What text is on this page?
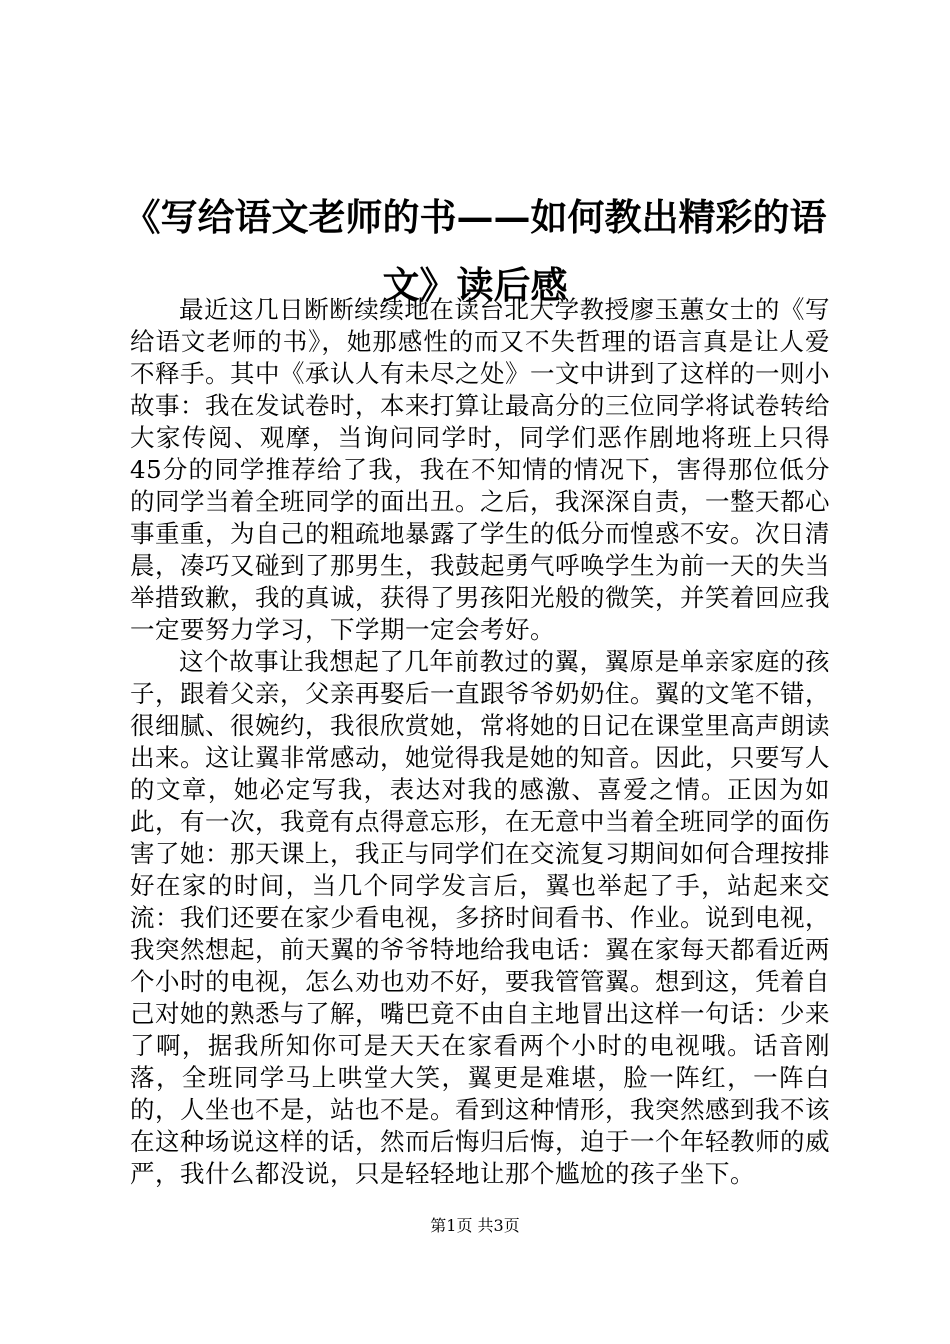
《写给语文老师的书——如何教出精彩的语
文》读后感

最近这几日断断续续地在读台北大学教授廖玉蕙女士的《写给语文老师的书》，她那感性的而又不失哲理的语言真是让人爱不释手。其中《承认人有未尽之处》一文中讲到了这样的一则小故事：我在发试卷时，本来打算让最高分的三位同学将试卷转给大家传阅、观摩，当询问同学时，同学们恶作剧地将班上只得45分的同学推荐给了我，我在不知情的情况下，害得那位低分的同学当着全班同学的面出丑。之后，我深深自责，一整天都心事重重，为自己的粗疏地暴露了学生的低分而惶惑不安。次日清晨，凑巧又碰到了那男生，我鼓起勇气呼唤学生为前一天的失当举措致歉，我的真诚，获得了男孩阳光般的微笑，并笑着回应我一定要努力学习，下学期一定会考好。

这个故事让我想起了几年前教过的翼，翼原是单亲家庭的孩子，跟着父亲，父亲再娶后一直跟爷爷奶奶住。翼的文笔不错，很细腻、很婉约，我很欣赏她，常将她的日记在课堂里高声朗读出来。这让翼非常感动，她觉得我是她的知音。因此，只要写人的文章，她必定写我，表达对我的感激、喜爱之情。正因为如此，有一次，我竟有点得意忘形，在无意中当着全班同学的面伤害了她：那天课上，我正与同学们在交流复习期间如何合理按排好在家的时间，当几个同学发言后，翼也举起了手，站起来交流：我们还要在家少看电视，多挤时间看书、作业。说到电视，我突然想起，前天翼的爷爷特地给我电话：翼在家每天都看近两个小时的电视，怎么劝也劝不好，要我管管翼。想到这，凭着自己对她的熟悉与了解，嘴巴竟不由自主地冒出这样一句话：少来了啊，据我所知你可是天天在家看两个小时的电视哦。话音刚落，全班同学马上哄堂大笑，翼更是难堪，脸一阵红，一阵白的，人坐也不是，站也不是。看到这种情形，我突然感到我不该在这种场说这样的话，然而后悔归后悔，迫于一个年轻教师的威严，我什么都没说，只是轻轻地让那个尴尬的孩子坐下。

第1页 共3页
